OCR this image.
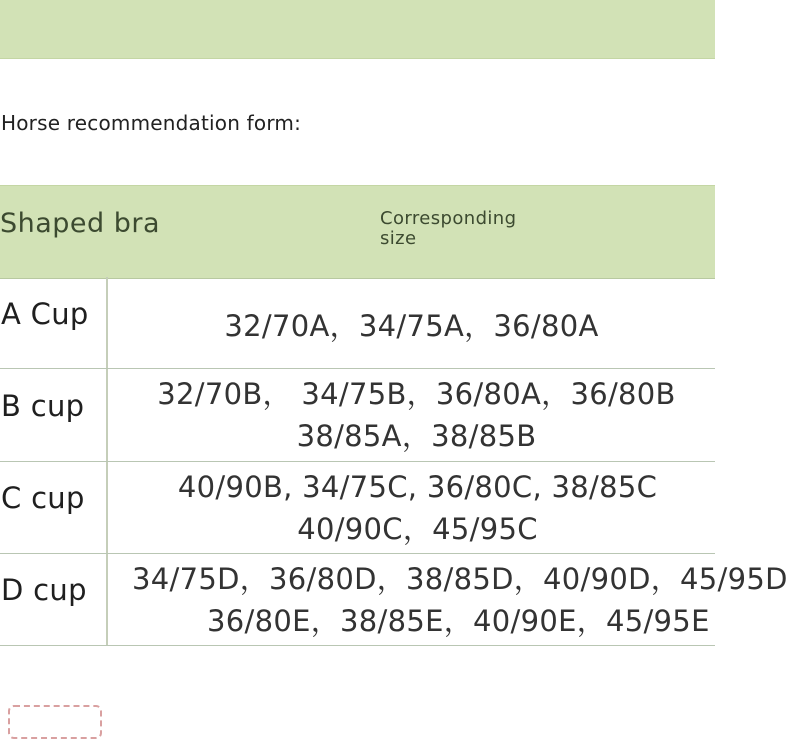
Horse recommendation form:
Shaped bra	Corresponding size
A Cup	32/70A，34/75A，36/80A
B cup	32/70B， 34/75B，36/80A，36/80B
38/85A，38/85B
C cup	40/90B, 34/75C, 36/80C, 38/85C
40/90C，45/95C
D cup 34/75D，36/80D，38/85D，40/90D，45/95D
36/80E，38/85E，40/90E，45/95E
